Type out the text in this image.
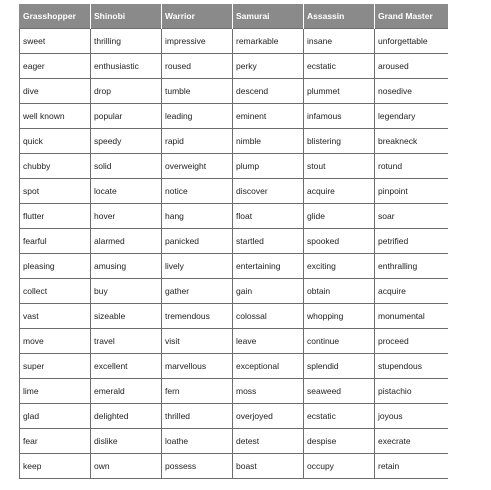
Grasshopper	Shinobi	Warrior	Samurai	Assassin	Grand Master
sweet	thrilling	impressive	remarkable	insane	unforgettable
eager	enthusiastic	roused	perky	ecstatic	aroused
dive	drop	tumble	descend	plummet	nosedive
well known	popular	leading	eminent	infamous	legendary
quick	speedy	rapid	nimble	blistering	breakneck
chubby	solid	overweight	plump	stout	rotund
spot	locate	notice	discover	acquire	pinpoint
flutter	hover	hang	float	glide	soar
fearful	alarmed	panicked	startled	spooked	petrified
pleasing	amusing	lively	entertaining	exciting	enthralling
collect	buy	gather	gain	obtain	acquire
vast	sizeable	tremendous	colossal	whopping	monumental
move	travel	visit	leave	continue	proceed
super	excellent	marvellous	exceptional	splendid	stupendous
lime	emerald	fern	moss	seaweed	pistachio
glad	delighted	thrilled	overjoyed	ecstatic	joyous
fear	dislike	loathe	detest	despise	execrate
keep	own	possess	boast	occupy	retain
